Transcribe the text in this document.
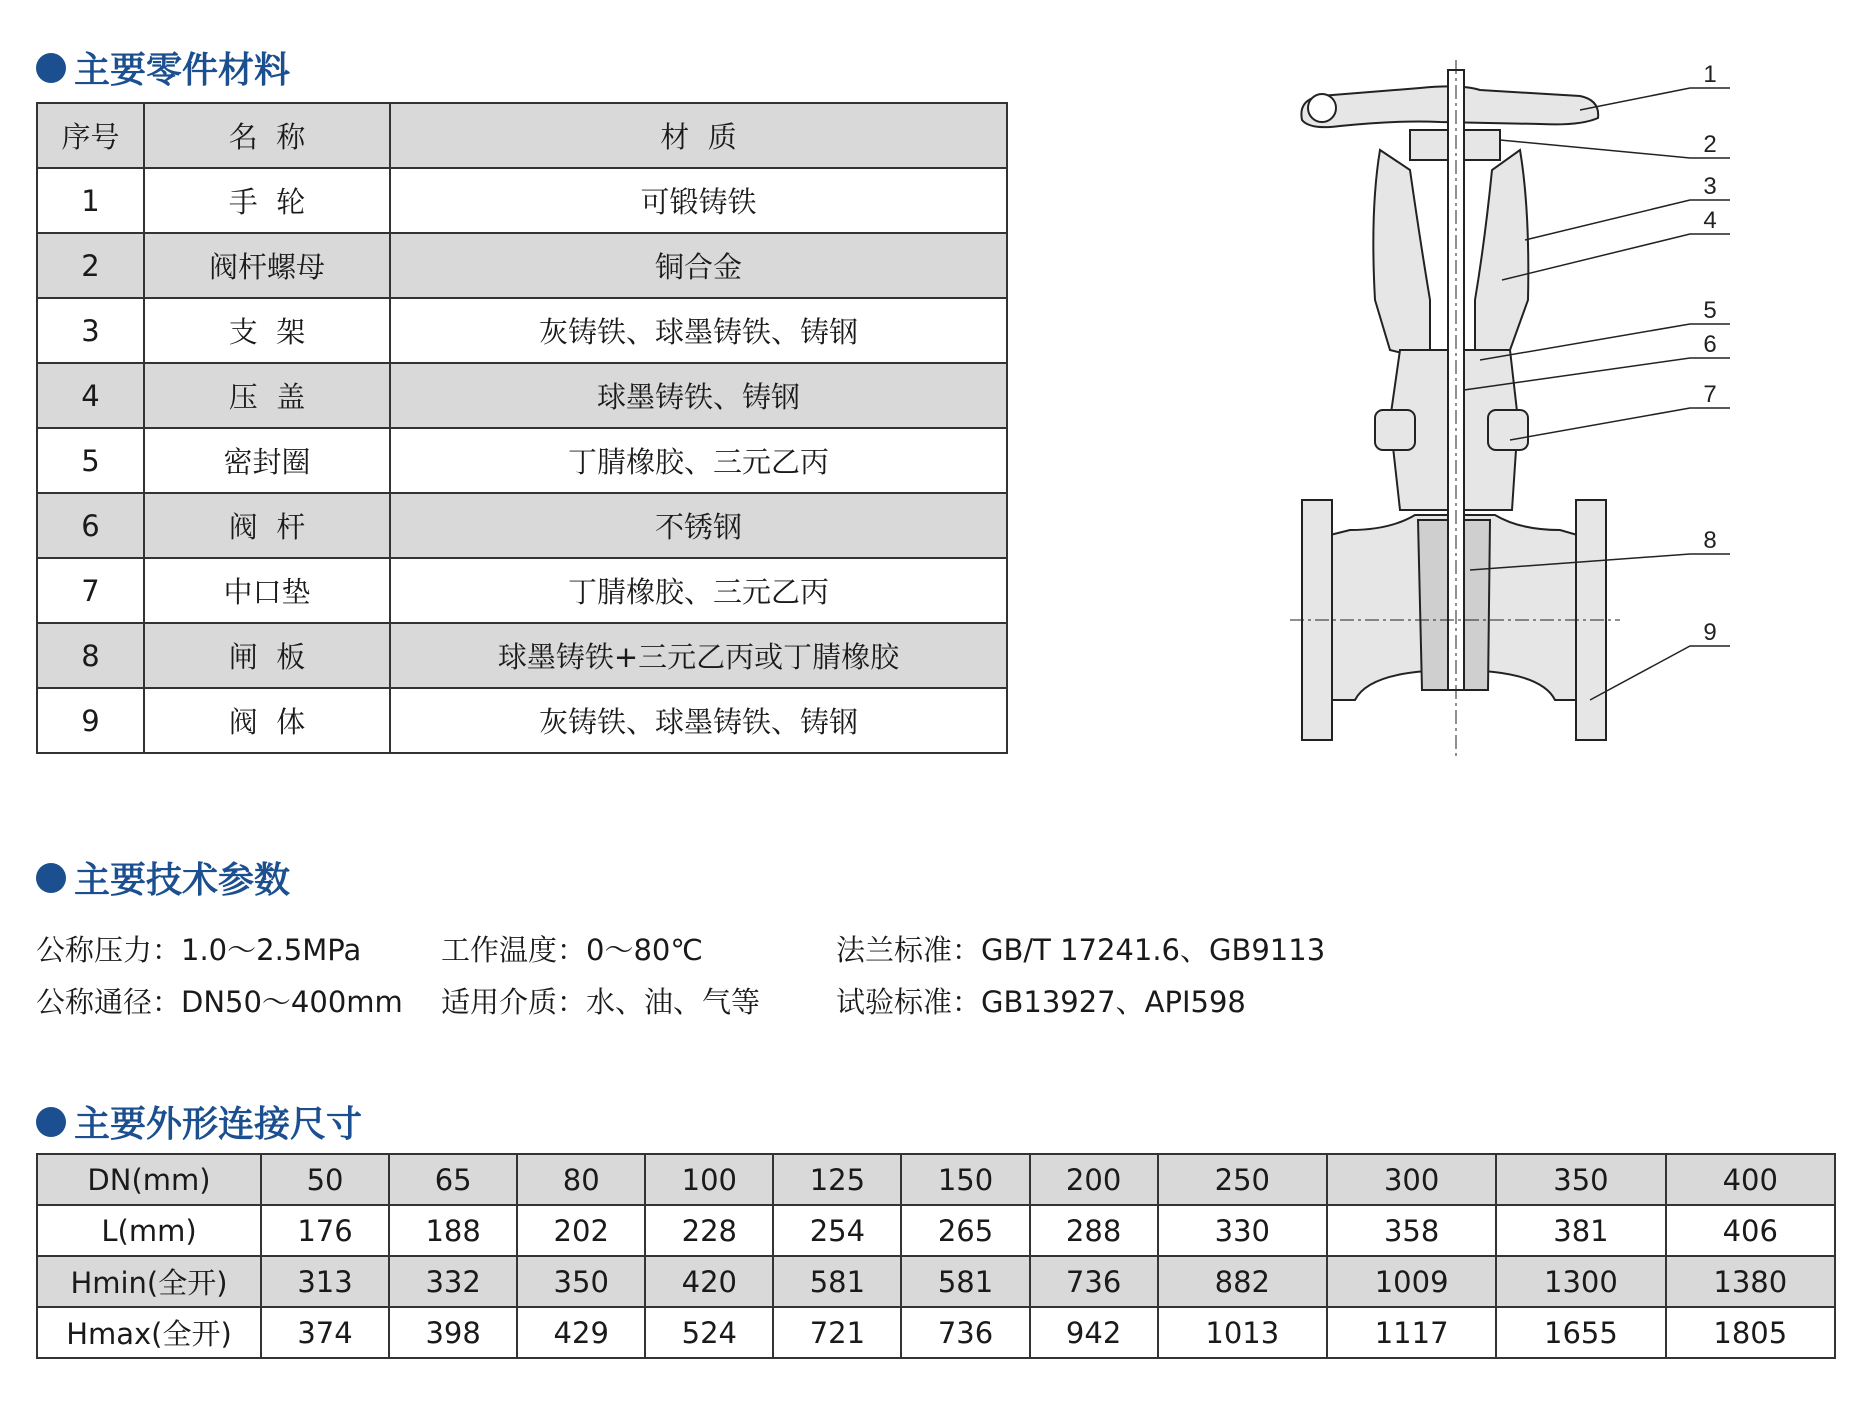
主要零件材料
序号	名  称	材  质
1	手  轮	可锻铸铁
2	阀杆螺母	铜合金
3	支  架	灰铸铁、球墨铸铁、铸钢
4	压  盖	球墨铸铁、铸钢
5	密封圈	丁腈橡胶、三元乙丙
6	阀  杆	不锈钢
7	中口垫	丁腈橡胶、三元乙丙
8	闸  板	球墨铸铁+三元乙丙或丁腈橡胶
9	阀  体	灰铸铁、球墨铸铁、铸钢
1
2
3
4
5
6
7
8
9
主要技术参数
公称压力：1.0～2.5MPa	工作温度：0～80℃	法兰标准：GB/T 17241.6、GB9113
公称通径：DN50～400mm 适用介质：水、油、气等	试验标准：GB13927、API598
主要外形连接尺寸
DN(mm)	50	65	80	100	125	150	200	250	300	350	400
L(mm)	176	188	202	228	254	265	288	330	358	381	406
Hmin(全开)	313	332	350	420	581	581	736	882	1009	1300	1380
Hmax(全开)	374	398	429	524	721	736	942	1013	1117	1655	1805
